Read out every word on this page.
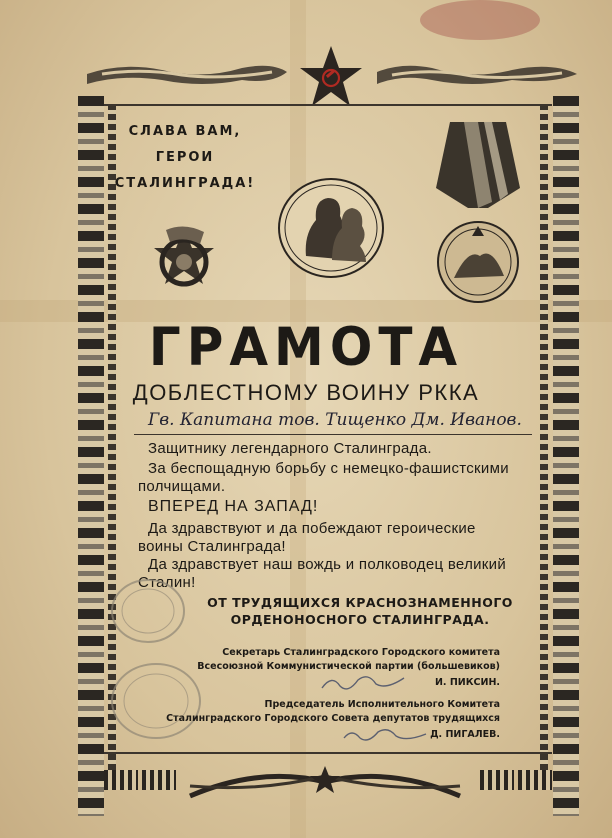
СЛАВА ВАМ,
ГЕРОИ
СТАЛИНГРАДА!
ГРАМОТА
ДОБЛЕСТНОМУ ВОИНУ РККА
Гв. Капитана тов. Тищенко Дм. Иванов.
Защитнику легендарного Сталинграда.
За беспощадную борьбу с немецко-фашистскими
полчищами.
ВПЕРЕД НА ЗАПАД!
Да здравствуют и да побеждают героические
воины Сталинграда!
Да здравствует наш вождь и полководец великий
Сталин!
ОТ ТРУДЯЩИХСЯ КРАСНОЗНАМЕННОГО
ОРДЕНОНОСНОГО СТАЛИНГРАДА.
Секретарь Сталинградского Городского комитета
Всесоюзной Коммунистической партии (большевиков)
И. ПИКСИН.
Председатель Исполнительного Комитета
Сталинградского Городского Совета депутатов трудящихся
Д. ПИГАЛЕВ.
